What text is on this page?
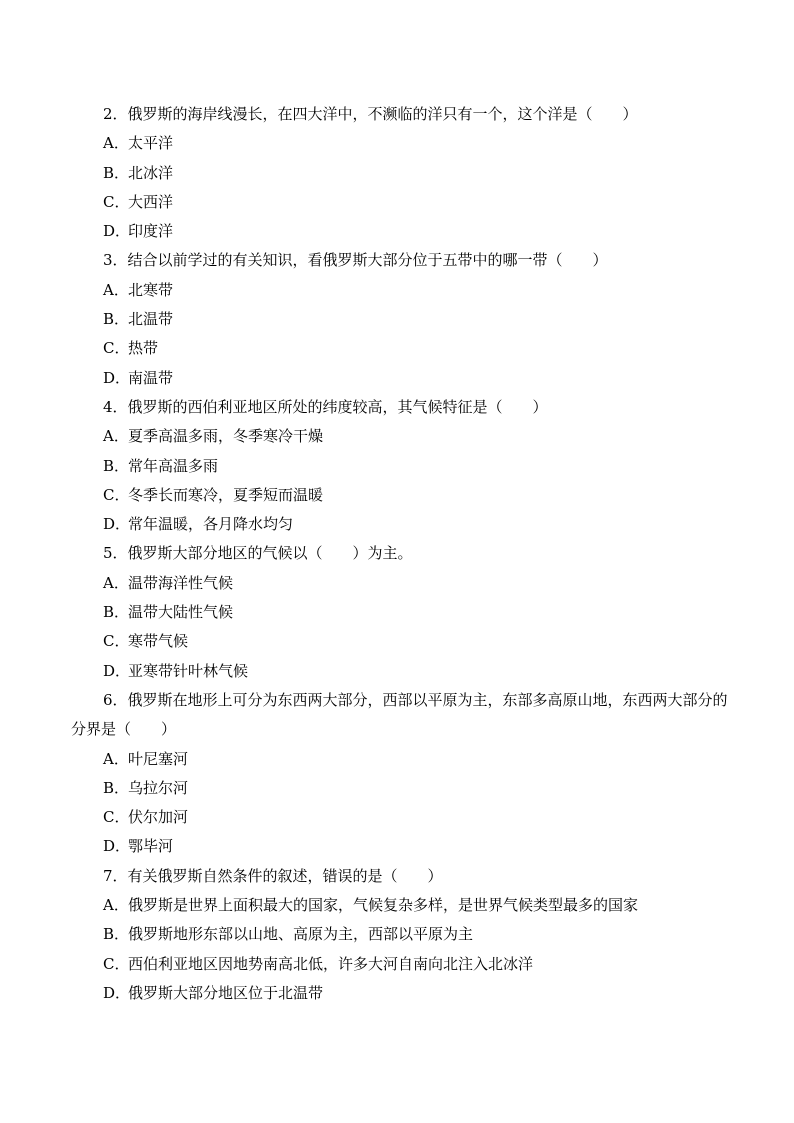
2．俄罗斯的海岸线漫长，在四大洋中，不濒临的洋只有一个，这个洋是（　　）

A．太平洋
B．北冰洋
C．大西洋
D．印度洋

3．结合以前学过的有关知识，看俄罗斯大部分位于五带中的哪一带（　　）

A．北寒带
B．北温带
C．热带
D．南温带

4．俄罗斯的西伯利亚地区所处的纬度较高，其气候特征是（　　）

A．夏季高温多雨，冬季寒冷干燥
B．常年高温多雨
C．冬季长而寒冷，夏季短而温暖
D．常年温暖，各月降水均匀

5．俄罗斯大部分地区的气候以（　　）为主。

A．温带海洋性气候
B．温带大陆性气候
C．寒带气候
D．亚寒带针叶林气候

6．俄罗斯在地形上可分为东西两大部分，西部以平原为主，东部多高原山地，东西两大部分的分界是（　　）

A．叶尼塞河
B．乌拉尔河
C．伏尔加河
D．鄂毕河

7．有关俄罗斯自然条件的叙述，错误的是（　　）

A．俄罗斯是世界上面积最大的国家，气候复杂多样，是世界气候类型最多的国家
B．俄罗斯地形东部以山地、高原为主，西部以平原为主
C．西伯利亚地区因地势南高北低，许多大河自南向北注入北冰洋
D．俄罗斯大部分地区位于北温带
